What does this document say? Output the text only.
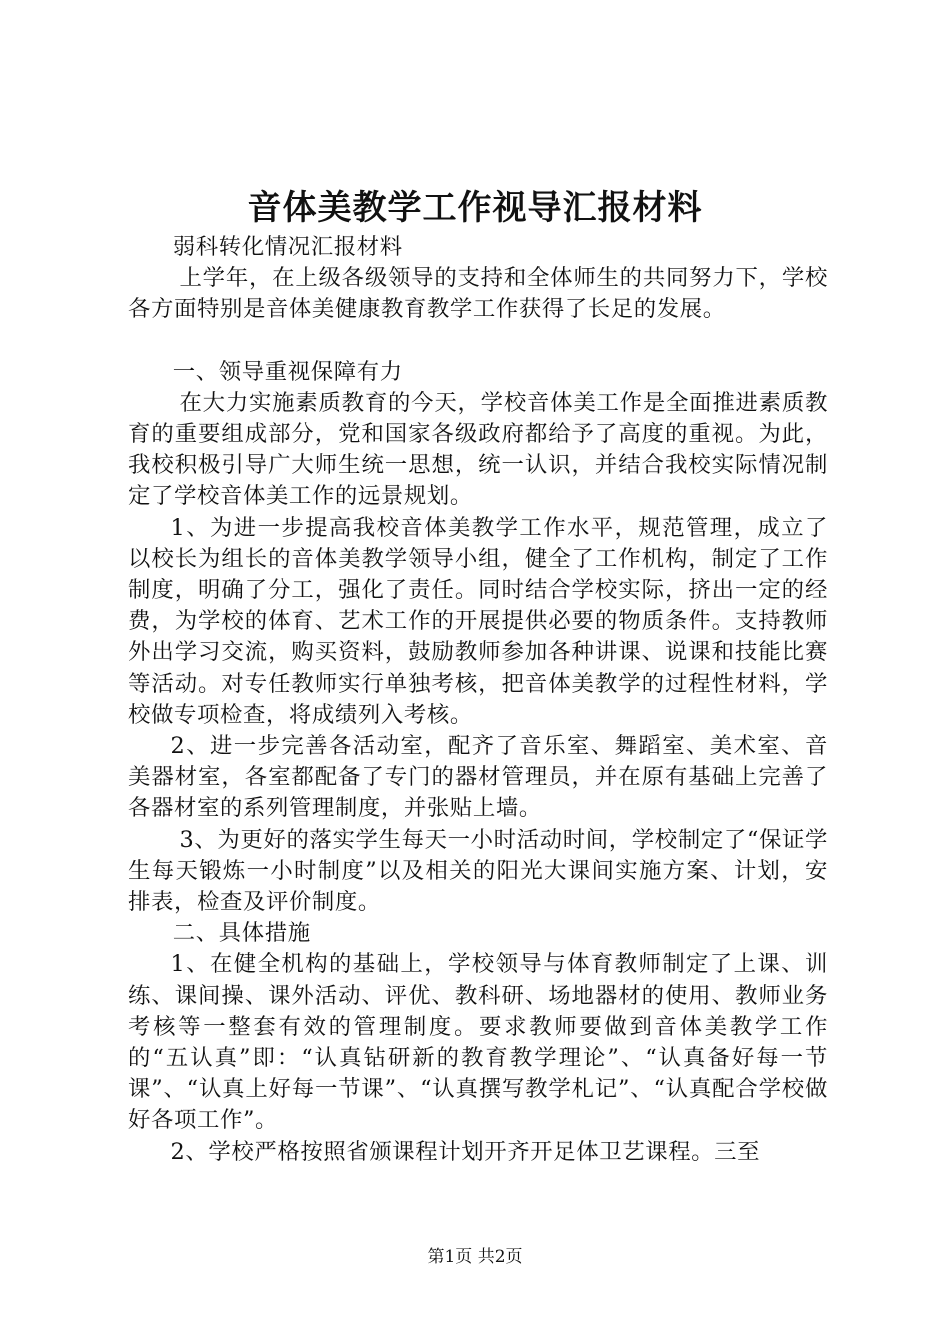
音体美教学工作视导汇报材料

弱科转化情况汇报材料

上学年，在上级各级领导的支持和全体师生的共同努力下，学校各方面特别是音体美健康教育教学工作获得了长足的发展。

一、领导重视保障有力

在大力实施素质教育的今天，学校音体美工作是全面推进素质教育的重要组成部分，党和国家各级政府都给予了高度的重视。为此，我校积极引导广大师生统一思想，统一认识，并结合我校实际情况制定了学校音体美工作的远景规划。

1、为进一步提高我校音体美教学工作水平，规范管理，成立了以校长为组长的音体美教学领导小组，健全了工作机构，制定了工作制度，明确了分工，强化了责任。同时结合学校实际，挤出一定的经费，为学校的体育、艺术工作的开展提供必要的物质条件。支持教师外出学习交流，购买资料，鼓励教师参加各种讲课、说课和技能比赛等活动。对专任教师实行单独考核，把音体美教学的过程性材料，学校做专项检查，将成绩列入考核。

2、进一步完善各活动室，配齐了音乐室、舞蹈室、美术室、音美器材室，各室都配备了专门的器材管理员，并在原有基础上完善了各器材室的系列管理制度，并张贴上墙。

3、为更好的落实学生每天一小时活动时间，学校制定了“保证学生每天锻炼一小时制度”以及相关的阳光大课间实施方案、计划，安排表，检查及评价制度。

二、具体措施

1、在健全机构的基础上，学校领导与体育教师制定了上课、训练、课间操、课外活动、评优、教科研、场地器材的使用、教师业务考核等一整套有效的管理制度。要求教师要做到音体美教学工作的“五认真”即：“认真钻研新的教育教学理论”、“认真备好每一节课”、“认真上好每一节课”、“认真撰写教学札记”、“认真配合学校做好各项工作”。

2、学校严格按照省颁课程计划开齐开足体卫艺课程。三至

第1页 共2页
